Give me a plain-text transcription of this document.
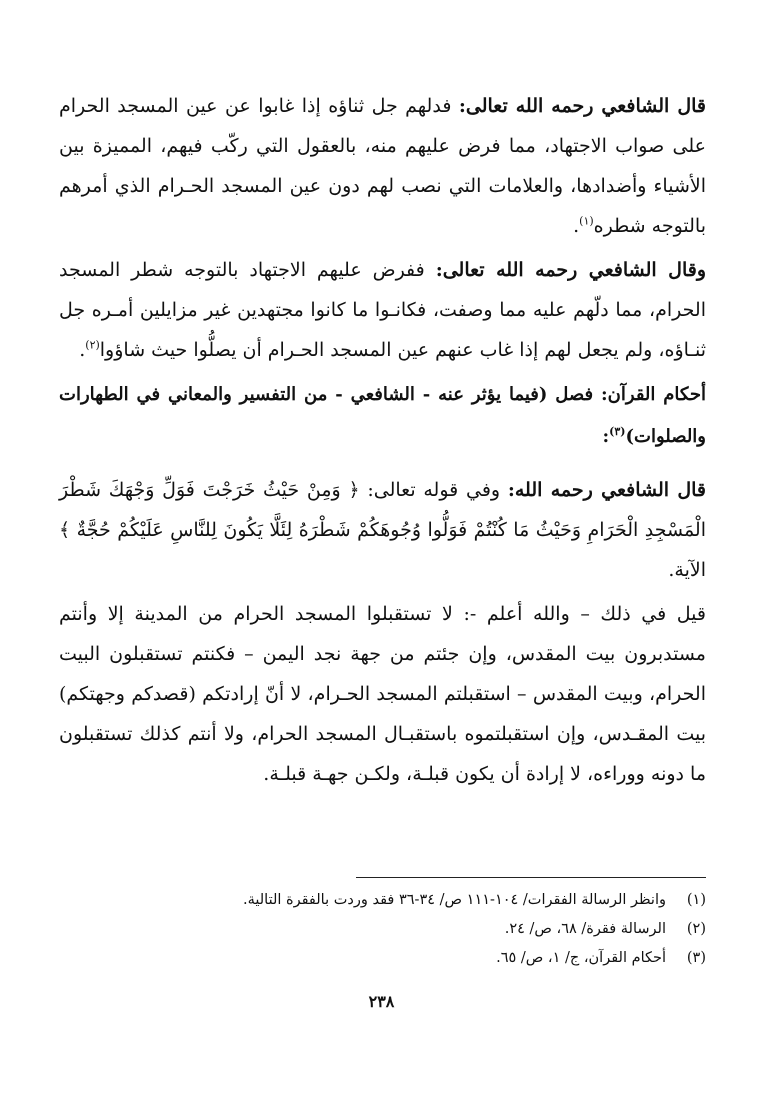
قال الشافعي رحمه الله تعالى: فدلهم جل ثناؤه إذا غابوا عن عين المسجد الحرام على صواب الاجتهاد، مما فرض عليهم منه، بالعقول التي ركّب فيهم، المميزة بين الأشياء وأضدادها، والعلامات التي نصب لهم دون عين المسجد الحـرام الذي أمرهم بالتوجه شطره$^{(١)}$.

وقال الشافعي رحمه الله تعالى: ففرض عليهم الاجتهاد بالتوجه شطر المسجد الحرام، مما دلّهم عليه مما وصفت، فكانـوا ما كانوا مجتهدين غير مزايلين أمـره جل ثنـاؤه، ولم يجعل لهم إذا غاب عنهم عين المسجد الحـرام أن يصلُّوا حيث شاؤوا$^{(٢)}$.

أحكام القرآن: فصل (فيما يؤثر عنه - الشافعي - من التفسير والمعاني في الطهارات والصلوات)$^{(٣)}$:

قال الشافعي رحمه الله: وفي قوله تعالى: ﴿ وَمِنْ حَيْثُ خَرَجْتَ فَوَلِّ وَجْهَكَ شَطْرَ الْمَسْجِدِ الْحَرَامِ وَحَيْثُ مَا كُنْتُمْ فَوَلُّوا وُجُوهَكُمْ شَطْرَهُ لِئَلَّا يَكُونَ لِلنَّاسِ عَلَيْكُمْ حُجَّةٌ ﴾ الآية.

قيل في ذلك – والله أعلم -: لا تستقبلوا المسجد الحرام من المدينة إلا وأنتم مستدبرون بيت المقدس، وإن جئتم من جهة نجد اليمن – فكنتم تستقبلون البيت الحرام، وبيت المقدس – استقبلتم المسجد الحـرام، لا أنّ إرادتكم (قصدكم وجهتكم) بيت المقـدس، وإن استقبلتموه باستقبـال المسجد الحرام، ولا أنتم كذلك تستقبلون ما دونه ووراءه، لا إرادة أن يكون قبلـة، ولكـن جهـة قبلـة.

(١)
وانظر الرسالة الفقرات/ ١٠٤-١١١ ص/ ٣٤-٣٦ فقد وردت بالفقرة التالية.
(٢)
الرسالة فقرة/ ٦٨، ص/ ٢٤.
(٣)
أحكام القرآن، ج/ ١، ص/ ٦٥.
٢٣٨
